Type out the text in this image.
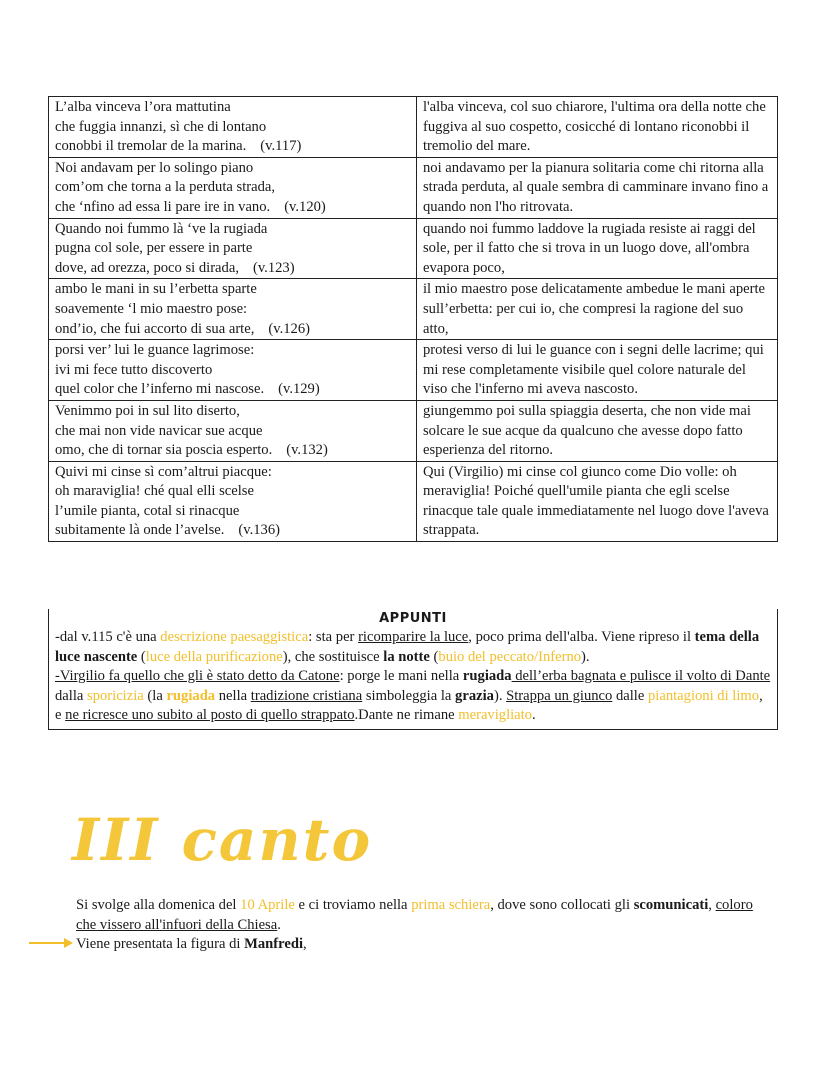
L’alba vinceva l’ora mattutina
che fuggia innanzi, sì che di lontano
conobbi il tremolar de la marina. (v.117)	l'alba vinceva, col suo chiarore, l'ultima ora della notte che fuggiva al suo cospetto, cosicché di lontano riconobbi il tremolio del mare.

Noi andavam per lo solingo piano
com’om che torna a la perduta strada,
che ‘nfino ad essa li pare ire in vano. (v.120)	noi andavamo per la pianura solitaria come chi ritorna alla strada perduta, al quale sembra di camminare invano fino a quando non l'ho ritrovata.

Quando noi fummo là ‘ve la rugiada
pugna col sole, per essere in parte
dove, ad orezza, poco si dirada, (v.123)	quando noi fummo laddove la rugiada resiste ai raggi del sole, per il fatto che si trova in un luogo dove, all'ombra evapora poco,

ambo le mani in su l’erbetta sparte
soavemente ‘l mio maestro pose:
ond’io, che fui accorto di sua arte, (v.126)	il mio maestro pose delicatamente ambedue le mani aperte sull’erbetta: per cui io, che compresi la ragione del suo atto,

porsi ver’ lui le guance lagrimose:
ivi mi fece tutto discoverto
quel color che l’inferno mi nascose. (v.129)	protesi verso di lui le guance con i segni delle lacrime; qui mi rese completamente visibile quel colore naturale del viso che l'inferno mi aveva nascosto.

Venimmo poi in sul lito diserto,
che mai non vide navicar sue acque
omo, che di tornar sia poscia esperto. (v.132)	giungemmo poi sulla spiaggia deserta, che non vide mai solcare le sue acque da qualcuno che avesse dopo fatto esperienza del ritorno.

Quivi mi cinse sì com’altrui piacque:
oh maraviglia! ché qual elli scelse
l’umile pianta, cotal si rinacque
subitamente là onde l’avelse. (v.136)	Qui (Virgilio) mi cinse col giunco come Dio volle: oh meraviglia! Poiché quell'umile pianta che egli scelse rinacque tale quale immediatamente nel luogo dove l'aveva strappata.
APPUNTI
-dal v.115 c'è una descrizione paesaggistica: sta per ricomparire la luce, poco prima dell'alba. Viene ripreso il tema della luce nascente (luce della purificazione), che sostituisce la notte (buio del peccato/Inferno).
-Virgilio fa quello che gli è stato detto da Catone: porge le mani nella rugiada dell’erba bagnata e pulisce il volto di Dante dalla sporicizia (la rugiada nella tradizione cristiana simboleggia la grazia). Strappa un giunco dalle piantagioni di limo, e ne ricresce uno subito al posto di quello strappato.Dante ne rimane meravigliato.
III canto
Si svolge alla domenica del 10 Aprile e ci troviamo nella prima schiera, dove sono collocati gli scomunicati, coloro che vissero all'infuori della Chiesa.
Viene presentata la figura di Manfredi,
